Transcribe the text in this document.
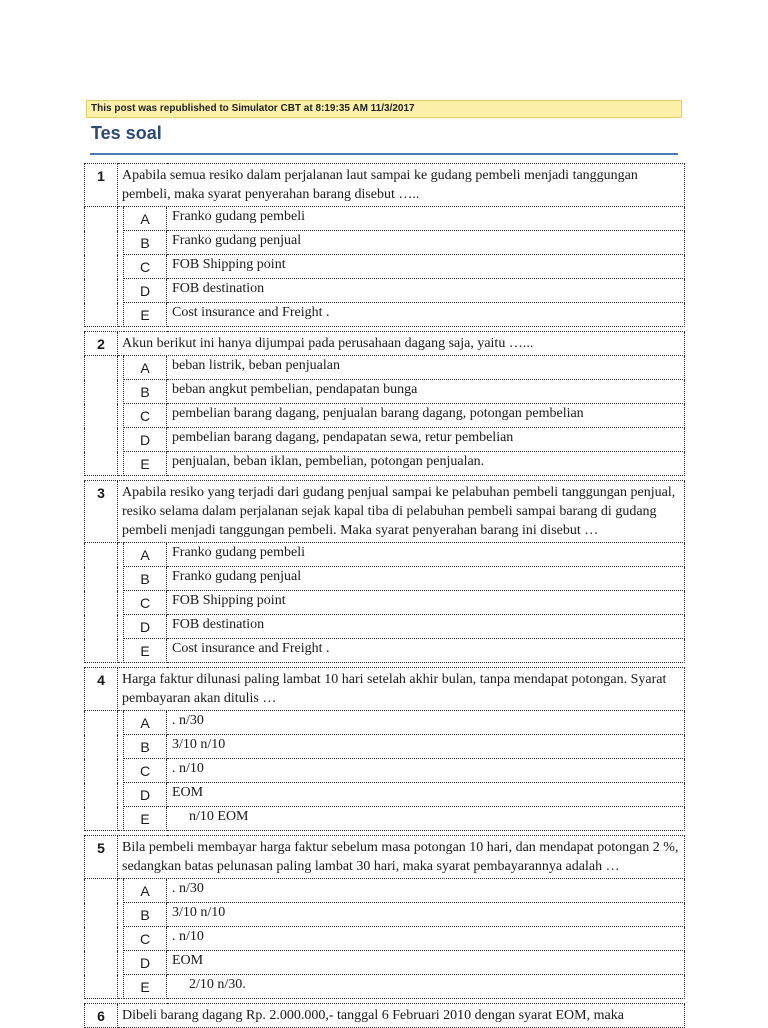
This post was republished to Simulator CBT at 8:19:35 AM 11/3/2017
Tes soal
1	Apabila semua resiko dalam perjalanan laut sampai ke gudang pembeli menjadi tanggungan pembeli, maka syarat penyerahan barang disebut …..		
		A	Franko gudang pembeli
		B	Franko gudang penjual
		C	FOB Shipping point
		D	FOB destination
		E	Cost insurance and Freight .

2	Akun berikut ini hanya dijumpai pada perusahaan dagang saja, yaitu …...		
		A	beban listrik, beban penjualan
		B	beban angkut pembelian, pendapatan bunga
		C	pembelian barang dagang, penjualan barang dagang, potongan pembelian
		D	pembelian barang dagang, pendapatan sewa, retur pembelian
		E	penjualan, beban iklan, pembelian, potongan penjualan.

3	Apabila resiko yang terjadi dari gudang penjual sampai ke pelabuhan pembeli tanggungan penjual, resiko selama dalam perjalanan sejak kapal tiba di pelabuhan pembeli sampai barang di gudang pembeli menjadi tanggungan pembeli. Maka syarat penyerahan barang ini disebut …		
		A	Franko gudang pembeli
		B	Franko gudang penjual
		C	FOB Shipping point
		D	FOB destination
		E	Cost insurance and Freight .

4	Harga faktur dilunasi paling lambat 10 hari setelah akhir bulan, tanpa mendapat potongan. Syarat pembayaran akan ditulis …		
		A	. n/30
		B	3/10 n/10
		C	. n/10
		D	EOM
		E	n/10 EOM

5	Bila pembeli membayar harga faktur sebelum masa potongan 10 hari, dan mendapat potongan 2 %, sedangkan batas pelunasan paling lambat 30 hari, maka syarat pembayarannya adalah …		
		A	. n/30
		B	3/10 n/10
		C	. n/10
		D	EOM
		E	2/10 n/30.

6	Dibeli barang dagang Rp. 2.000.000,- tanggal 6 Februari 2010 dengan syarat EOM, maka		
